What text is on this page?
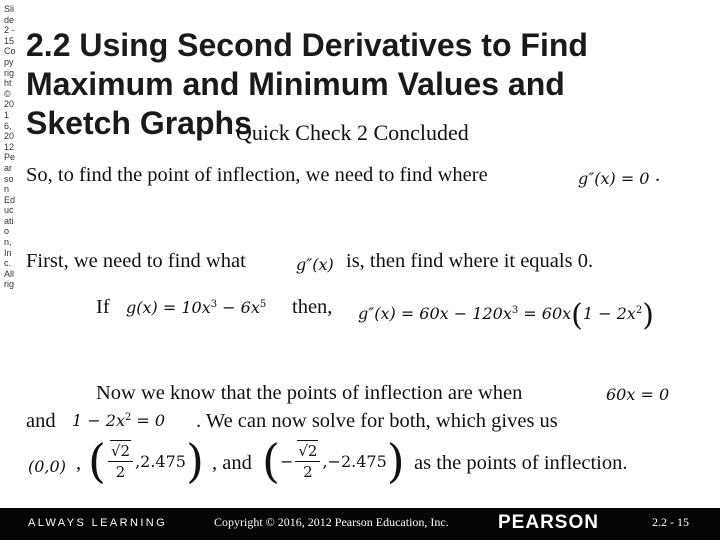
Slide 2 - 15 Copyright © 2016, 2012 Pearson Education, Inc. All rig
2.2 Using Second Derivatives to Find Maximum and Minimum Values and Sketch Graphs
Quick Check 2 Concluded
So, to find the point of inflection, we need to find where	g″(x) = 0 .
First, we need to find what	g″(x) is, then find where it equals 0.
If $g(x) = 10x^3 - 6x^5$ then, $g''(x) = 60x - 120x^3 = 60x(1 - 2x^2)$
Now we know that the points of inflection are when	60x = 0
and $1 - 2x^2 = 0$ . We can now solve for both, which gives us
(0,0) , ( $\frac{√2}{2} ,2.475$ ) , and ( − $\frac{√2}{2} ,-2.475$ ) as the points of inflection.
ALWAYS LEARNING	Copyright © 2016, 2012 Pearson Education, Inc.	PEARSON	2.2 - 15
